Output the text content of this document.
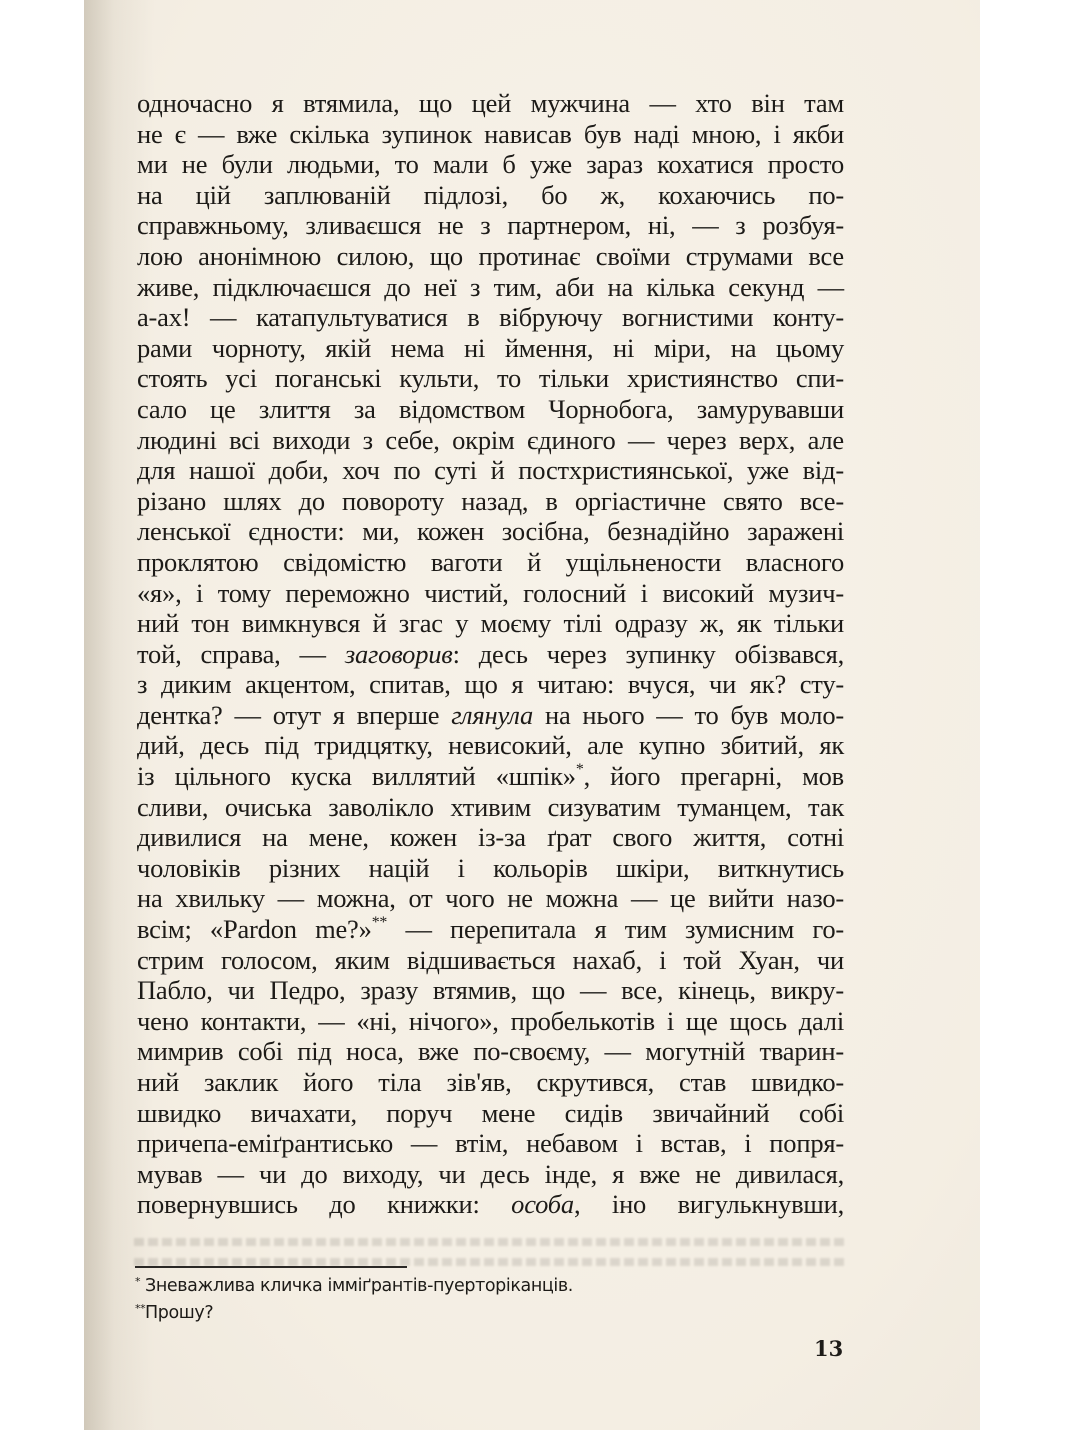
одночасно я втямила, що цей мужчина — хто він там
не є — вже скілька зупинок нависав був наді мною, і якби
ми не були людьми, то мали б уже зараз кохатися просто
на цій заплюваній підлозі, бо ж, кохаючись по-
справжньому, зливаєшся не з партнером, ні, — з розбуя-
лою анонімною силою, що протинає своїми струмами все
живе, підключаєшся до неї з тим, аби на кілька секунд —
а-ах! — катапультуватися в вібруючу вогнистими конту-
рами чорноту, якій нема ні ймення, ні міри, на цьому
стоять усі поганські культи, то тільки християнство спи-
сало це злиття за відомством Чорнобога, замурувавши
людині всі виходи з себе, окрім єдиного — через верх, але
для нашої доби, хоч по суті й постхристиянської, уже від-
різано шлях до повороту назад, в оргіастичне свято все-
ленської єдности: ми, кожен зосібна, безнадійно заражені
проклятою свідомістю ваготи й ущільнености власного
«я», і тому переможно чистий, голосний і високий музич-
ний тон вимкнувся й згас у моєму тілі одразу ж, як тільки
той, справа, — заговорив: десь через зупинку обізвався,
з диким акцентом, спитав, що я читаю: вчуся, чи як? сту-
дентка? — отут я вперше глянула на нього — то був моло-
дий, десь під тридцятку, невисокий, але купно збитий, як
із цільного куска виллятий «шпік»*, його прегарні, мов
сливи, очиська заволікло хтивим сизуватим туманцем, так
дивилися на мене, кожен із-за ґрат свого життя, сотні
чоловіків різних націй і кольорів шкіри, виткнутись
на хвильку — можна, от чого не можна — це вийти назо-
всім; «Pardon me?»** — перепитала я тим зумисним го-
стрим голосом, яким відшивається нахаб, і той Хуан, чи
Пабло, чи Педро, зразу втямив, що — все, кінець, викру-
чено контакти, — «ні, нічого», пробелькотів і ще щось далі
мимрив собі під носа, вже по-своєму, — могутній тварин-
ний заклик його тіла зів'яв, скрутився, став швидко-
швидко вичахати, поруч мене сидів звичайний собі
причепа-еміґрантисько — втім, небавом і встав, і попря-
мував — чи до виходу, чи десь інде, я вже не дивилася,
повернувшись до книжки: особа, іно вигулькнувши,
* Зневажлива кличка імміґрантів-пуерторіканців.
**Прошу?
13
